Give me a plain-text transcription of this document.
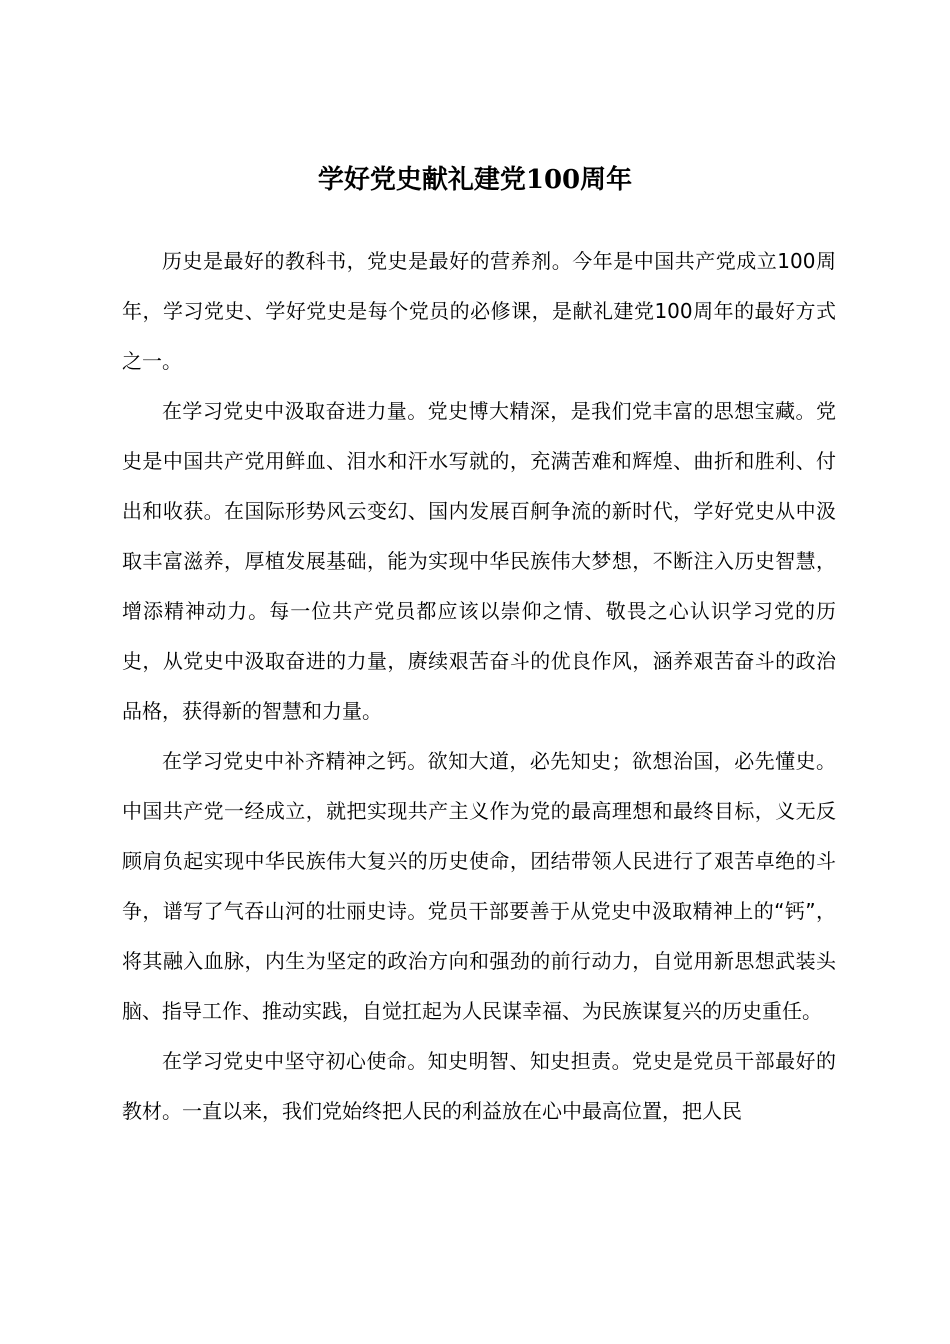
学好党史献礼建党100周年

历史是最好的教科书，党史是最好的营养剂。今年是中国共产党成立100周年，学习党史、学好党史是每个党员的必修课，是献礼建党100周年的最好方式之一。

在学习党史中汲取奋进力量。党史博大精深，是我们党丰富的思想宝藏。党史是中国共产党用鲜血、泪水和汗水写就的，充满苦难和辉煌、曲折和胜利、付出和收获。在国际形势风云变幻、国内发展百舸争流的新时代，学好党史从中汲取丰富滋养，厚植发展基础，能为实现中华民族伟大梦想，不断注入历史智慧，增添精神动力。每一位共产党员都应该以崇仰之情、敬畏之心认识学习党的历史，从党史中汲取奋进的力量，赓续艰苦奋斗的优良作风，涵养艰苦奋斗的政治品格，获得新的智慧和力量。

在学习党史中补齐精神之钙。欲知大道，必先知史；欲想治国，必先懂史。中国共产党一经成立，就把实现共产主义作为党的最高理想和最终目标，义无反顾肩负起实现中华民族伟大复兴的历史使命，团结带领人民进行了艰苦卓绝的斗争，谱写了气吞山河的壮丽史诗。党员干部要善于从党史中汲取精神上的“钙”，将其融入血脉，内生为坚定的政治方向和强劲的前行动力，自觉用新思想武装头脑、指导工作、推动实践，自觉扛起为人民谋幸福、为民族谋复兴的历史重任。

在学习党史中坚守初心使命。知史明智、知史担责。党史是党员干部最好的教材。一直以来，我们党始终把人民的利益放在心中最高位置，把人民
